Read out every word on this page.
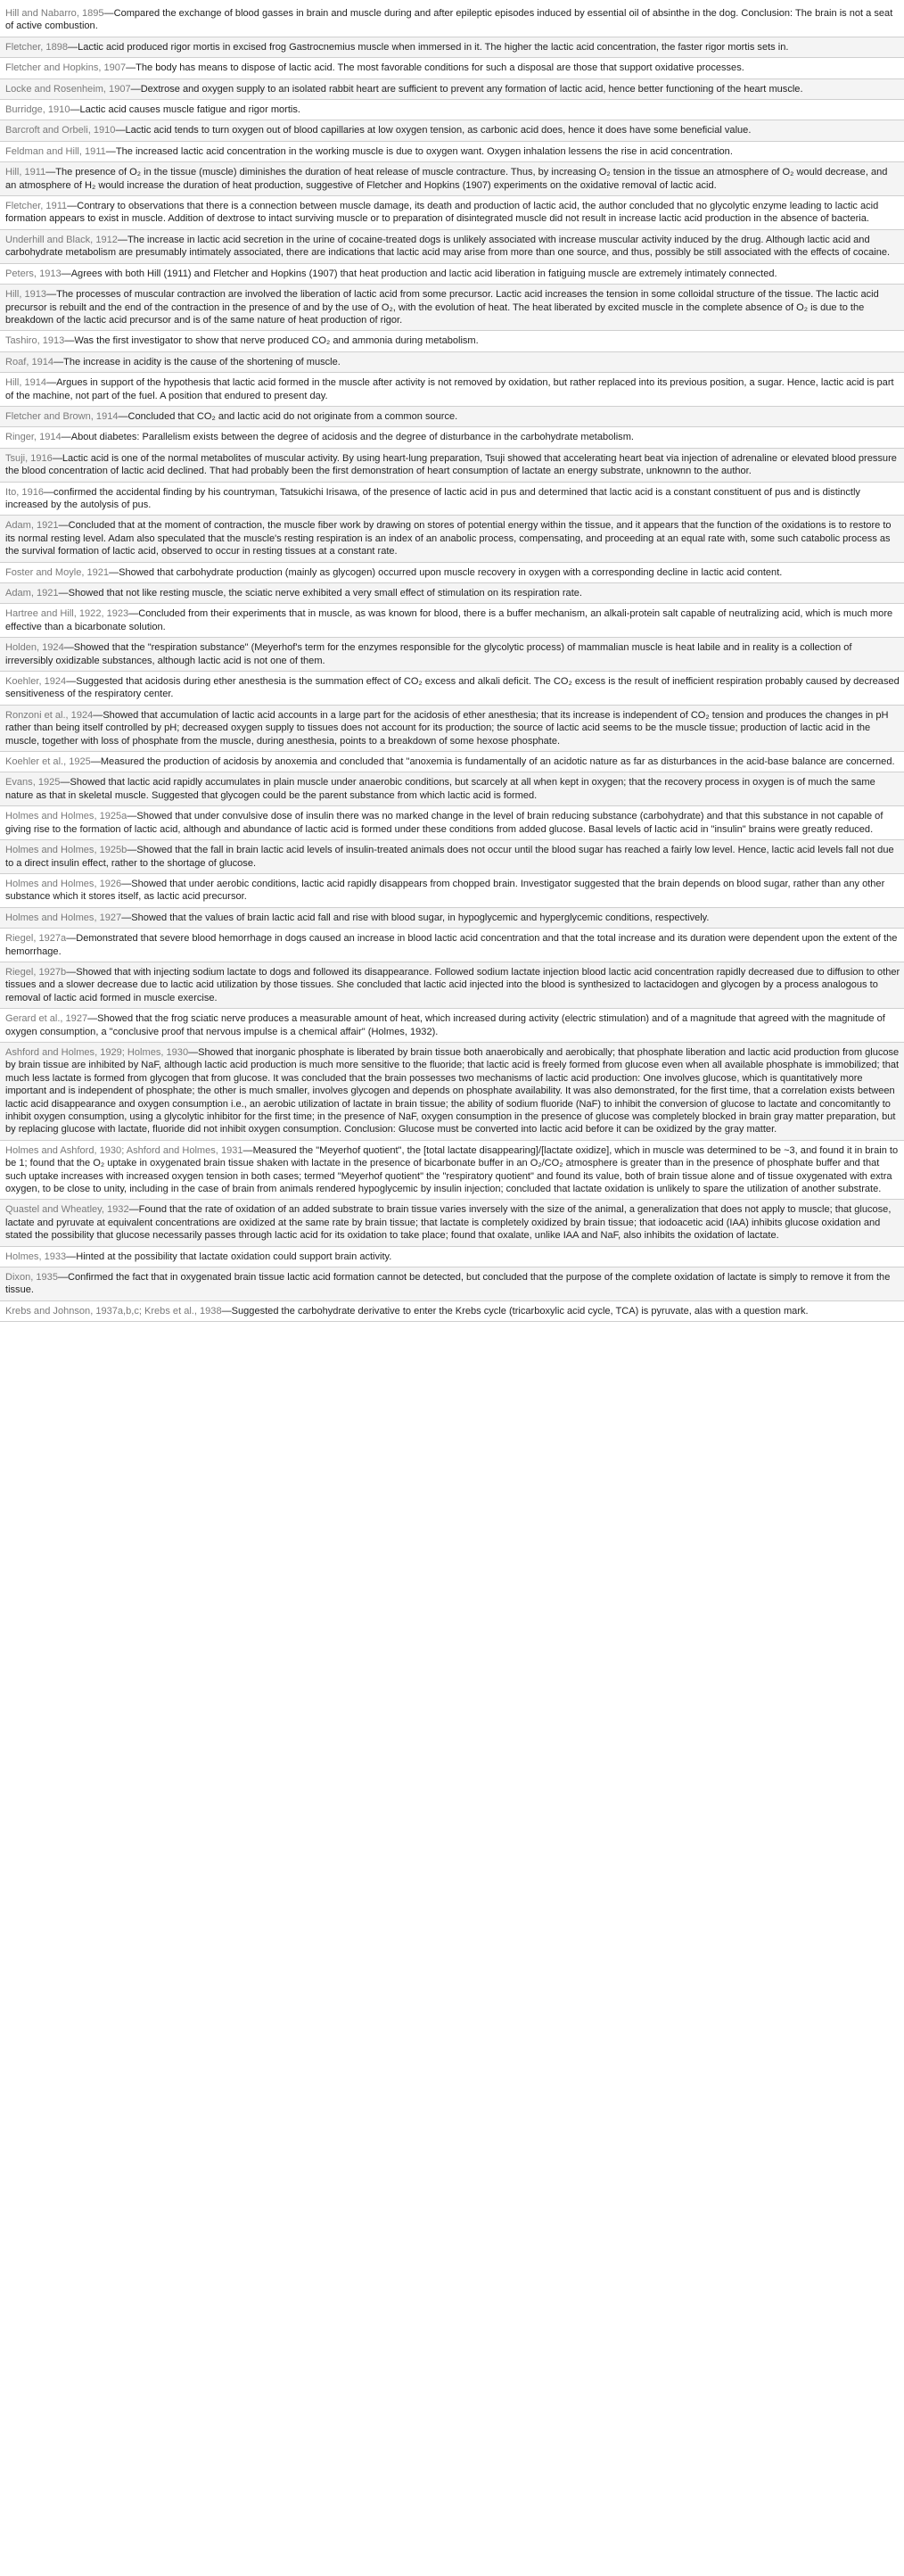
Hill and Nabarro, 1895—Compared the exchange of blood gasses in brain and muscle during and after epileptic episodes induced by essential oil of absinthe in the dog. Conclusion: The brain is not a seat of active combustion.
Fletcher, 1898—Lactic acid produced rigor mortis in excised frog Gastrocnemius muscle when immersed in it. The higher the lactic acid concentration, the faster rigor mortis sets in.
Fletcher and Hopkins, 1907—The body has means to dispose of lactic acid. The most favorable conditions for such a disposal are those that support oxidative processes.
Locke and Rosenheim, 1907—Dextrose and oxygen supply to an isolated rabbit heart are sufficient to prevent any formation of lactic acid, hence better functioning of the heart muscle.
Burridge, 1910—Lactic acid causes muscle fatigue and rigor mortis.
Barcroft and Orbeli, 1910—Lactic acid tends to turn oxygen out of blood capillaries at low oxygen tension, as carbonic acid does, hence it does have some beneficial value.
Feldman and Hill, 1911—The increased lactic acid concentration in the working muscle is due to oxygen want. Oxygen inhalation lessens the rise in acid concentration.
Hill, 1911—The presence of O₂ in the tissue (muscle) diminishes the duration of heat release of muscle contracture. Thus, by increasing O₂ tension in the tissue an atmosphere of O₂ would decrease, and an atmosphere of H₂ would increase the duration of heat production, suggestive of Fletcher and Hopkins (1907) experiments on the oxidative removal of lactic acid.
Fletcher, 1911—Contrary to observations that there is a connection between muscle damage, its death and production of lactic acid, the author concluded that no glycolytic enzyme leading to lactic acid formation appears to exist in muscle. Addition of dextrose to intact surviving muscle or to preparation of disintegrated muscle did not result in increase lactic acid production in the absence of bacteria.
Underhill and Black, 1912—The increase in lactic acid secretion in the urine of cocaine-treated dogs is unlikely associated with increase muscular activity induced by the drug. Although lactic acid and carbohydrate metabolism are presumably intimately associated, there are indications that lactic acid may arise from more than one source, and thus, possibly be still associated with the effects of cocaine.
Peters, 1913—Agrees with both Hill (1911) and Fletcher and Hopkins (1907) that heat production and lactic acid liberation in fatiguing muscle are extremely intimately connected.
Hill, 1913—The processes of muscular contraction are involved the liberation of lactic acid from some precursor. Lactic acid increases the tension in some colloidal structure of the tissue. The lactic acid precursor is rebuilt and the end of the contraction in the presence of and by the use of O₂, with the evolution of heat. The heat liberated by excited muscle in the complete absence of O₂ is due to the breakdown of the lactic acid precursor and is of the same nature of heat production of rigor.
Tashiro, 1913—Was the first investigator to show that nerve produced CO₂ and ammonia during metabolism.
Roaf, 1914—The increase in acidity is the cause of the shortening of muscle.
Hill, 1914—Argues in support of the hypothesis that lactic acid formed in the muscle after activity is not removed by oxidation, but rather replaced into its previous position, a sugar. Hence, lactic acid is part of the machine, not part of the fuel. A position that endured to present day.
Fletcher and Brown, 1914—Concluded that CO₂ and lactic acid do not originate from a common source.
Ringer, 1914—About diabetes: Parallelism exists between the degree of acidosis and the degree of disturbance in the carbohydrate metabolism.
Tsuji, 1916—Lactic acid is one of the normal metabolites of muscular activity. By using heart-lung preparation, Tsuji showed that accelerating heart beat via injection of adrenaline or elevated blood pressure the blood concentration of lactic acid declined. That had probably been the first demonstration of heart consumption of lactate an energy substrate, unknownn to the author.
Ito, 1916—confirmed the accidental finding by his countryman, Tatsukichi Irisawa, of the presence of lactic acid in pus and determined that lactic acid is a constant constituent of pus and is distinctly increased by the autolysis of pus.
Adam, 1921—Concluded that at the moment of contraction, the muscle fiber work by drawing on stores of potential energy within the tissue, and it appears that the function of the oxidations is to restore to its normal resting level. Adam also speculated that the muscle's resting respiration is an index of an anabolic process, compensating, and proceeding at an equal rate with, some such catabolic process as the survival formation of lactic acid, observed to occur in resting tissues at a constant rate.
Foster and Moyle, 1921—Showed that carbohydrate production (mainly as glycogen) occurred upon muscle recovery in oxygen with a corresponding decline in lactic acid content.
Adam, 1921—Showed that not like resting muscle, the sciatic nerve exhibited a very small effect of stimulation on its respiration rate.
Hartree and Hill, 1922, 1923—Concluded from their experiments that in muscle, as was known for blood, there is a buffer mechanism, an alkali-protein salt capable of neutralizing acid, which is much more effective than a bicarbonate solution.
Holden, 1924—Showed that the "respiration substance" (Meyerhof's term for the enzymes responsible for the glycolytic process) of mammalian muscle is heat labile and in reality is a collection of irreversibly oxidizable substances, although lactic acid is not one of them.
Koehler, 1924—Suggested that acidosis during ether anesthesia is the summation effect of CO₂ excess and alkali deficit. The CO₂ excess is the result of inefficient respiration probably caused by decreased sensitiveness of the respiratory center.
Ronzoni et al., 1924—Showed that accumulation of lactic acid accounts in a large part for the acidosis of ether anesthesia; that its increase is independent of CO₂ tension and produces the changes in pH rather than being itself controlled by pH; decreased oxygen supply to tissues does not account for its production; the source of lactic acid seems to be the muscle tissue; production of lactic acid in the muscle, together with loss of phosphate from the muscle, during anesthesia, points to a breakdown of some hexose phosphate.
Koehler et al., 1925—Measured the production of acidosis by anoxemia and concluded that "anoxemia is fundamentally of an acidotic nature as far as disturbances in the acid-base balance are concerned.
Evans, 1925—Showed that lactic acid rapidly accumulates in plain muscle under anaerobic conditions, but scarcely at all when kept in oxygen; that the recovery process in oxygen is of much the same nature as that in skeletal muscle. Suggested that glycogen could be the parent substance from which lactic acid is formed.
Holmes and Holmes, 1925a—Showed that under convulsive dose of insulin there was no marked change in the level of brain reducing substance (carbohydrate) and that this substance in not capable of giving rise to the formation of lactic acid, although and abundance of lactic acid is formed under these conditions from added glucose. Basal levels of lactic acid in "insulin" brains were greatly reduced.
Holmes and Holmes, 1925b—Showed that the fall in brain lactic acid levels of insulin-treated animals does not occur until the blood sugar has reached a fairly low level. Hence, lactic acid levels fall not due to a direct insulin effect, rather to the shortage of glucose.
Holmes and Holmes, 1926—Showed that under aerobic conditions, lactic acid rapidly disappears from chopped brain. Investigator suggested that the brain depends on blood sugar, rather than any other substance which it stores itself, as lactic acid precursor.
Holmes and Holmes, 1927—Showed that the values of brain lactic acid fall and rise with blood sugar, in hypoglycemic and hyperglycemic conditions, respectively.
Riegel, 1927a—Demonstrated that severe blood hemorrhage in dogs caused an increase in blood lactic acid concentration and that the total increase and its duration were dependent upon the extent of the hemorrhage.
Riegel, 1927b—Showed that with injecting sodium lactate to dogs and followed its disappearance. Followed sodium lactate injection blood lactic acid concentration rapidly decreased due to diffusion to other tissues and a slower decrease due to lactic acid utilization by those tissues. She concluded that lactic acid injected into the blood is synthesized to lactacidogen and glycogen by a process analogous to removal of lactic acid formed in muscle exercise.
Gerard et al., 1927—Showed that the frog sciatic nerve produces a measurable amount of heat, which increased during activity (electric stimulation) and of a magnitude that agreed with the magnitude of oxygen consumption, a "conclusive proof that nervous impulse is a chemical affair" (Holmes, 1932).
Ashford and Holmes, 1929; Holmes, 1930—Showed that inorganic phosphate is liberated by brain tissue both anaerobically and aerobically; that phosphate liberation and lactic acid production from glucose by brain tissue are inhibited by NaF, although lactic acid production is much more sensitive to the fluoride; that lactic acid is freely formed from glucose even when all available phosphate is immobilized; that much less lactate is formed from glycogen that from glucose. It was concluded that the brain possesses two mechanisms of lactic acid production: One involves glucose, which is quantitatively more important and is independent of phosphate; the other is much smaller, involves glycogen and depends on phosphate availability. It was also demonstrated, for the first time, that a correlation exists between lactic acid disappearance and oxygen consumption i.e., an aerobic utilization of lactate in brain tissue; the ability of sodium fluoride (NaF) to inhibit the conversion of glucose to lactate and concomitantly to inhibit oxygen consumption, using a glycolytic inhibitor for the first time; in the presence of NaF, oxygen consumption in the presence of glucose was completely blocked in brain gray matter preparation, but by replacing glucose with lactate, fluoride did not inhibit oxygen consumption. Conclusion: Glucose must be converted into lactic acid before it can be oxidized by the gray matter.
Holmes and Ashford, 1930; Ashford and Holmes, 1931—Measured the "Meyerhof quotient", the [total lactate disappearing]/[lactate oxidize], which in muscle was determined to be ~3, and found it in brain to be 1; found that the O₂ uptake in oxygenated brain tissue shaken with lactate in the presence of bicarbonate buffer in an O₂/CO₂ atmosphere is greater than in the presence of phosphate buffer and that such uptake increases with increased oxygen tension in both cases; termed "Meyerhof quotient" the "respiratory quotient" and found its value, both of brain tissue alone and of tissue oxygenated with extra oxygen, to be close to unity, including in the case of brain from animals rendered hypoglycemic by insulin injection; concluded that lactate oxidation is unlikely to spare the utilization of another substrate.
Quastel and Wheatley, 1932—Found that the rate of oxidation of an added substrate to brain tissue varies inversely with the size of the animal, a generalization that does not apply to muscle; that glucose, lactate and pyruvate at equivalent concentrations are oxidized at the same rate by brain tissue; that lactate is completely oxidized by brain tissue; that iodoacetic acid (IAA) inhibits glucose oxidation and stated the possibility that glucose necessarily passes through lactic acid for its oxidation to take place; found that oxalate, unlike IAA and NaF, also inhibits the oxidation of lactate.
Holmes, 1933—Hinted at the possibility that lactate oxidation could support brain activity.
Dixon, 1935—Confirmed the fact that in oxygenated brain tissue lactic acid formation cannot be detected, but concluded that the purpose of the complete oxidation of lactate is simply to remove it from the tissue.
Krebs and Johnson, 1937a,b,c; Krebs et al., 1938—Suggested the carbohydrate derivative to enter the Krebs cycle (tricarboxylic acid cycle, TCA) is pyruvate, alas with a question mark.
